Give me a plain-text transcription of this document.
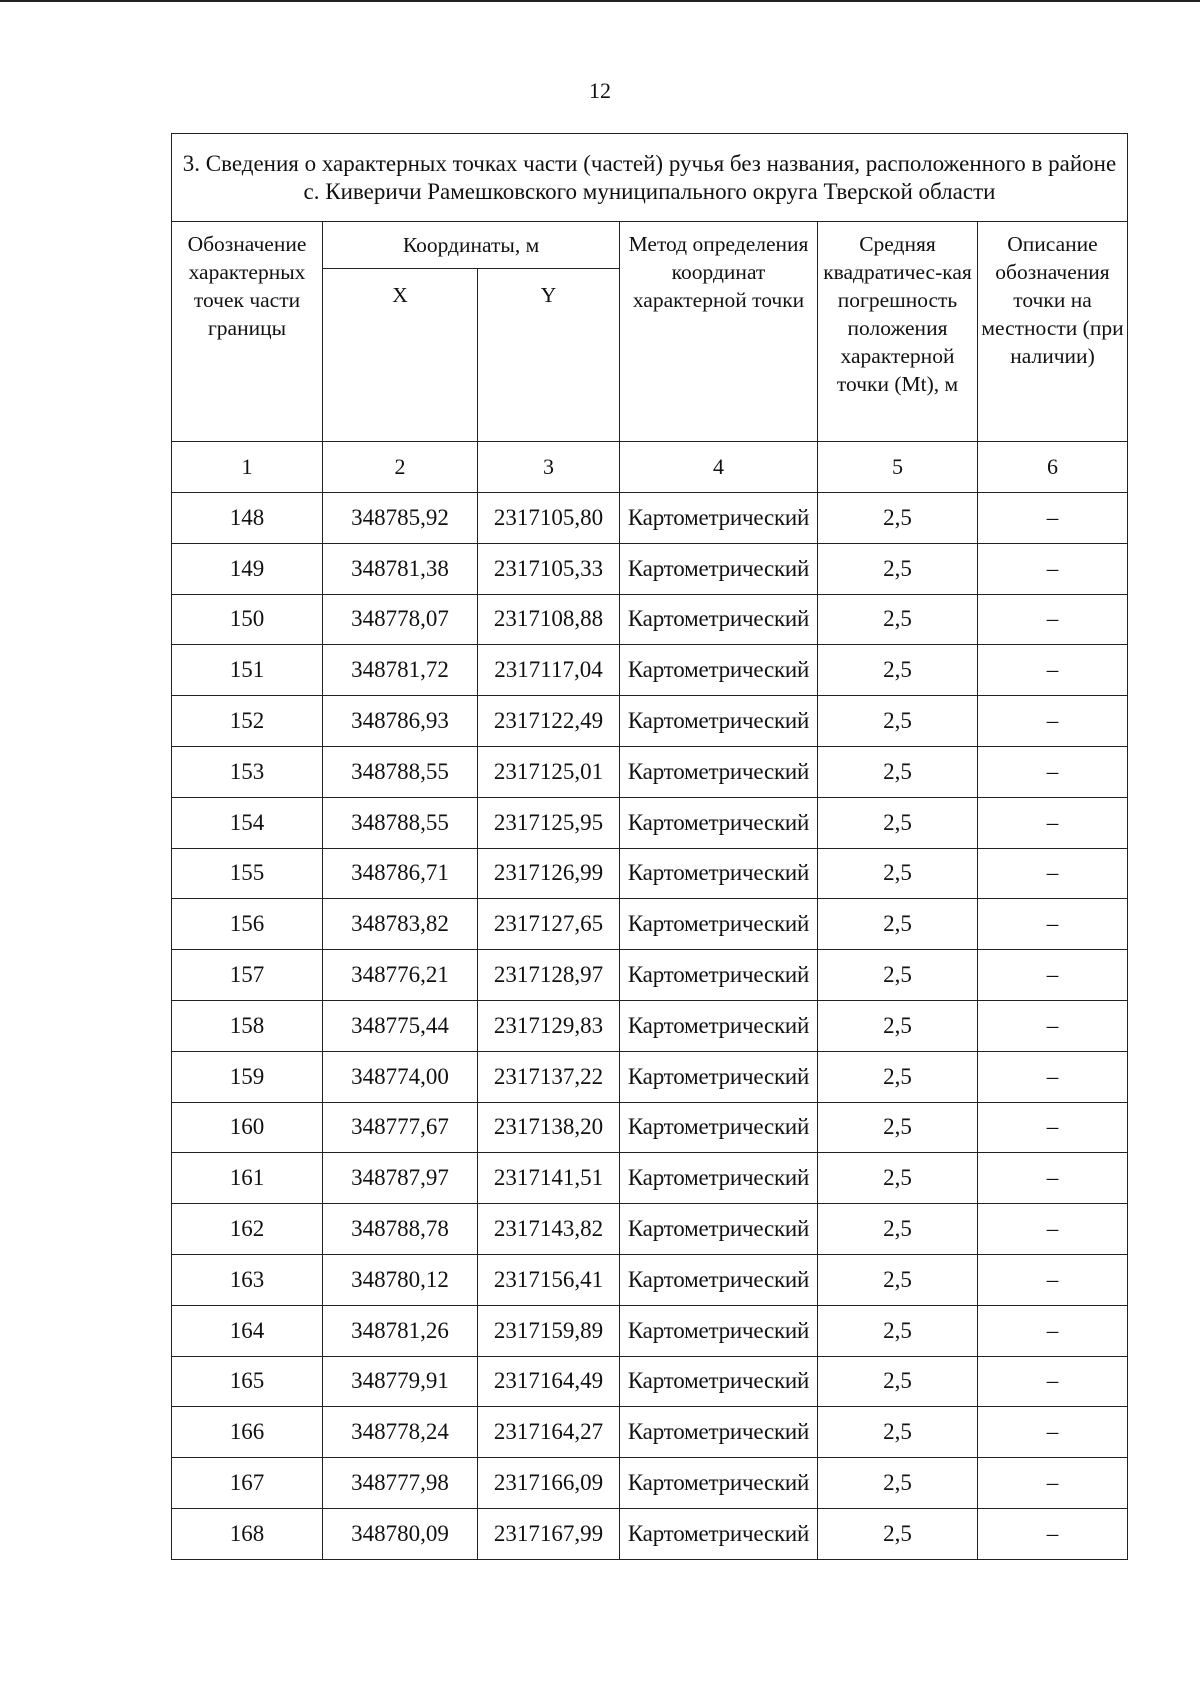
12
3. Сведения о характерных точках части (частей) ручья без названия, расположенного в районе с. Киверичи Рамешковского муниципального округа Тверской области					
Обозначение характерных точек части границы	Координаты, м		Метод определения координат характерной точки	Средняя квадратичес-кая погрешность положения характерной точки (Mt), м	Описание обозначения точки на местности (при наличии)
	X	Y			
1	2	3	4	5	6
148	348785,92	2317105,80	Картометрический	2,5	–
149	348781,38	2317105,33	Картометрический	2,5	–
150	348778,07	2317108,88	Картометрический	2,5	–
151	348781,72	2317117,04	Картометрический	2,5	–
152	348786,93	2317122,49	Картометрический	2,5	–
153	348788,55	2317125,01	Картометрический	2,5	–
154	348788,55	2317125,95	Картометрический	2,5	–
155	348786,71	2317126,99	Картометрический	2,5	–
156	348783,82	2317127,65	Картометрический	2,5	–
157	348776,21	2317128,97	Картометрический	2,5	–
158	348775,44	2317129,83	Картометрический	2,5	–
159	348774,00	2317137,22	Картометрический	2,5	–
160	348777,67	2317138,20	Картометрический	2,5	–
161	348787,97	2317141,51	Картометрический	2,5	–
162	348788,78	2317143,82	Картометрический	2,5	–
163	348780,12	2317156,41	Картометрический	2,5	–
164	348781,26	2317159,89	Картометрический	2,5	–
165	348779,91	2317164,49	Картометрический	2,5	–
166	348778,24	2317164,27	Картометрический	2,5	–
167	348777,98	2317166,09	Картометрический	2,5	–
168	348780,09	2317167,99	Картометрический	2,5	–
